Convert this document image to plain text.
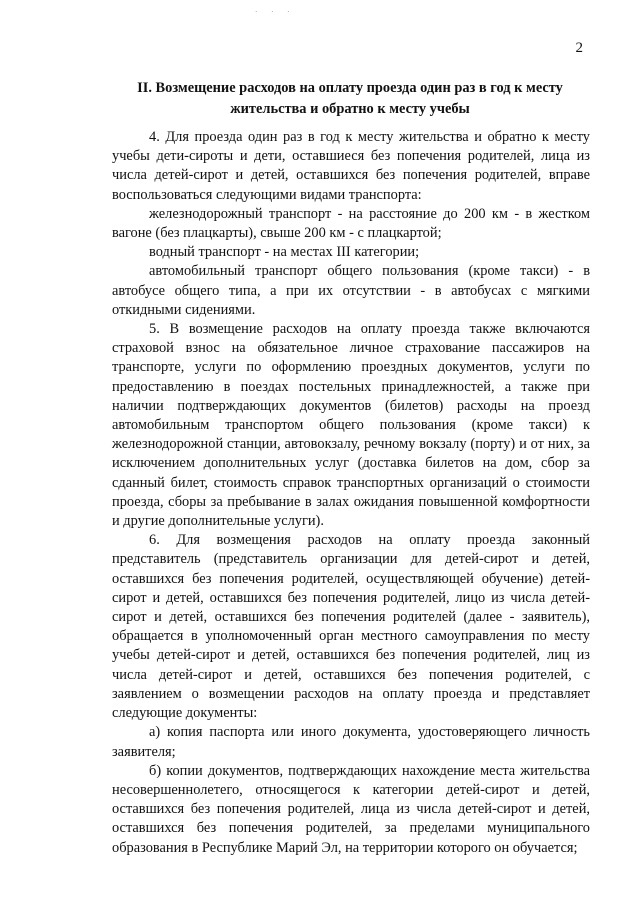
· · ·
2
II. Возмещение расходов на оплату проезда один раз в год к месту жительства и обратно к месту учебы

4. Для проезда один раз в год к месту жительства и обратно к месту учебы дети-сироты и дети, оставшиеся без попечения родителей, лица из числа детей-сирот и детей, оставшихся без попечения родителей, вправе воспользоваться следующими видами транспорта:

железнодорожный транспорт - на расстояние до 200 км - в жестком вагоне (без плацкарты), свыше 200 км - с плацкартой;

водный транспорт - на местах III категории;

автомобильный транспорт общего пользования (кроме такси) - в автобусе общего типа, а при их отсутствии - в автобусах с мягкими откидными сидениями.

5. В возмещение расходов на оплату проезда также включаются страховой взнос на обязательное личное страхование пассажиров на транспорте, услуги по оформлению проездных документов, услуги по предоставлению в поездах постельных принадлежностей, а также при наличии подтверждающих документов (билетов) расходы на проезд автомобильным транспортом общего пользования (кроме такси) к железнодорожной станции, автовокзалу, речному вокзалу (порту) и от них, за исключением дополнительных услуг (доставка билетов на дом, сбор за сданный билет, стоимость справок транспортных организаций о стоимости проезда, сборы за пребывание в залах ожидания повышенной комфортности и другие дополнительные услуги).

6. Для возмещения расходов на оплату проезда законный представитель (представитель организации для детей-сирот и детей, оставшихся без попечения родителей, осуществляющей обучение) детей-сирот и детей, оставшихся без попечения родителей, лицо из числа детей-сирот и детей, оставшихся без попечения родителей (далее - заявитель), обращается в уполномоченный орган местного самоуправления по месту учебы детей-сирот и детей, оставшихся без попечения родителей, лиц из числа детей-сирот и детей, оставшихся без попечения родителей, с заявлением о возмещении расходов на оплату проезда и представляет следующие документы:

а) копия паспорта или иного документа, удостоверяющего личность заявителя;

б) копии документов, подтверждающих нахождение места жительства несовершеннолетего, относящегося к категории детей-сирот и детей, оставшихся без попечения родителей, лица из числа детей-сирот и детей, оставшихся без попечения родителей, за пределами муниципального образования в Республике Марий Эл, на территории которого он обучается;
